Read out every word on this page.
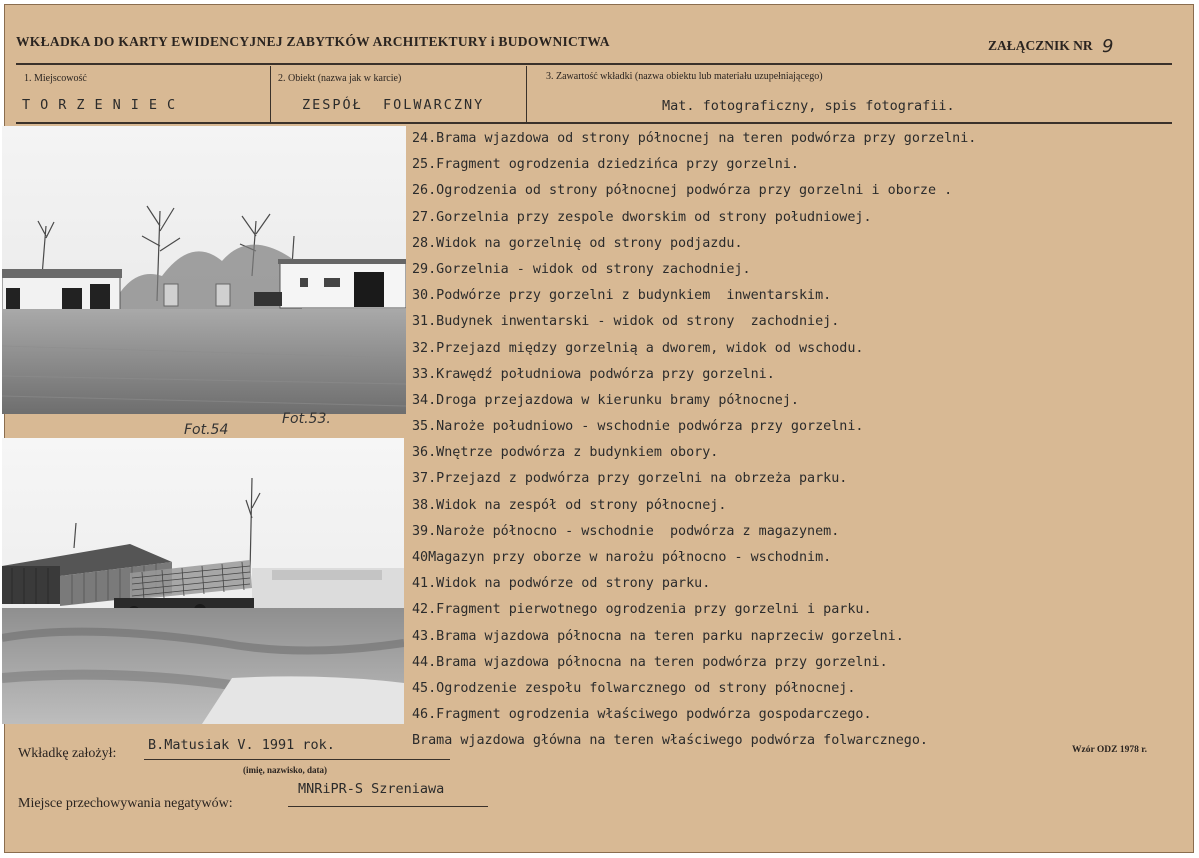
WKŁADKA DO KARTY EWIDENCYJNEJ ZABYTKÓW ARCHITEKTURY i BUDOWNICTWA	ZAŁĄCZNIK NR 9
1. Miejscowość
TORZENIEC
2. Obiekt (nazwa jak w karcie)
ZESPÓŁ  FOLWARCZNY
3. Zawartość wkładki (nazwa obiektu lub materiału uzupełniającego)
Mat. fotograficzny, spis fotografii.
Fot.54
Fot.53.
24.Brama wjazdowa od strony północnej na teren podwórza przy gorzelni.
25.Fragment ogrodzenia dziedzińca przy gorzelni.
26.Ogrodzenia od strony północnej podwórza przy gorzelni i oborze .
27.Gorzelnia przy zespole dworskim od strony południowej.
28.Widok na gorzelnię od strony podjazdu.
29.Gorzelnia - widok od strony zachodniej.
30.Podwórze przy gorzelni z budynkiem  inwentarskim.
31.Budynek inwentarski - widok od strony  zachodniej.
32.Przejazd między gorzelnią a dworem, widok od wschodu.
33.Krawędź południowa podwórza przy gorzelni.
34.Droga przejazdowa w kierunku bramy północnej.
35.Naroże południowo - wschodnie podwórza przy gorzelni.
36.Wnętrze podwórza z budynkiem obory.
37.Przejazd z podwórza przy gorzelni na obrzeża parku.
38.Widok na zespół od strony północnej.
39.Naroże północno - wschodnie  podwórza z magazynem.
40Magazyn przy oborze w narożu północno - wschodnim.
41.Widok na podwórze od strony parku.
42.Fragment pierwotnego ogrodzenia przy gorzelni i parku.
43.Brama wjazdowa północna na teren parku naprzeciw gorzelni.
44.Brama wjazdowa północna na teren podwórza przy gorzelni.
45.Ogrodzenie zespołu folwarcznego od strony północnej.
46.Fragment ogrodzenia właściwego podwórza gospodarczego.
Brama wjazdowa główna na teren właściwego podwórza folwarcznego.
Wkładkę założył:
B.Matusiak V. 1991 rok.
(imię, nazwisko, data)
Miejsce przechowywania negatywów:
MNRiPR-S Szreniawa
Wzór ODZ 1978 r.
